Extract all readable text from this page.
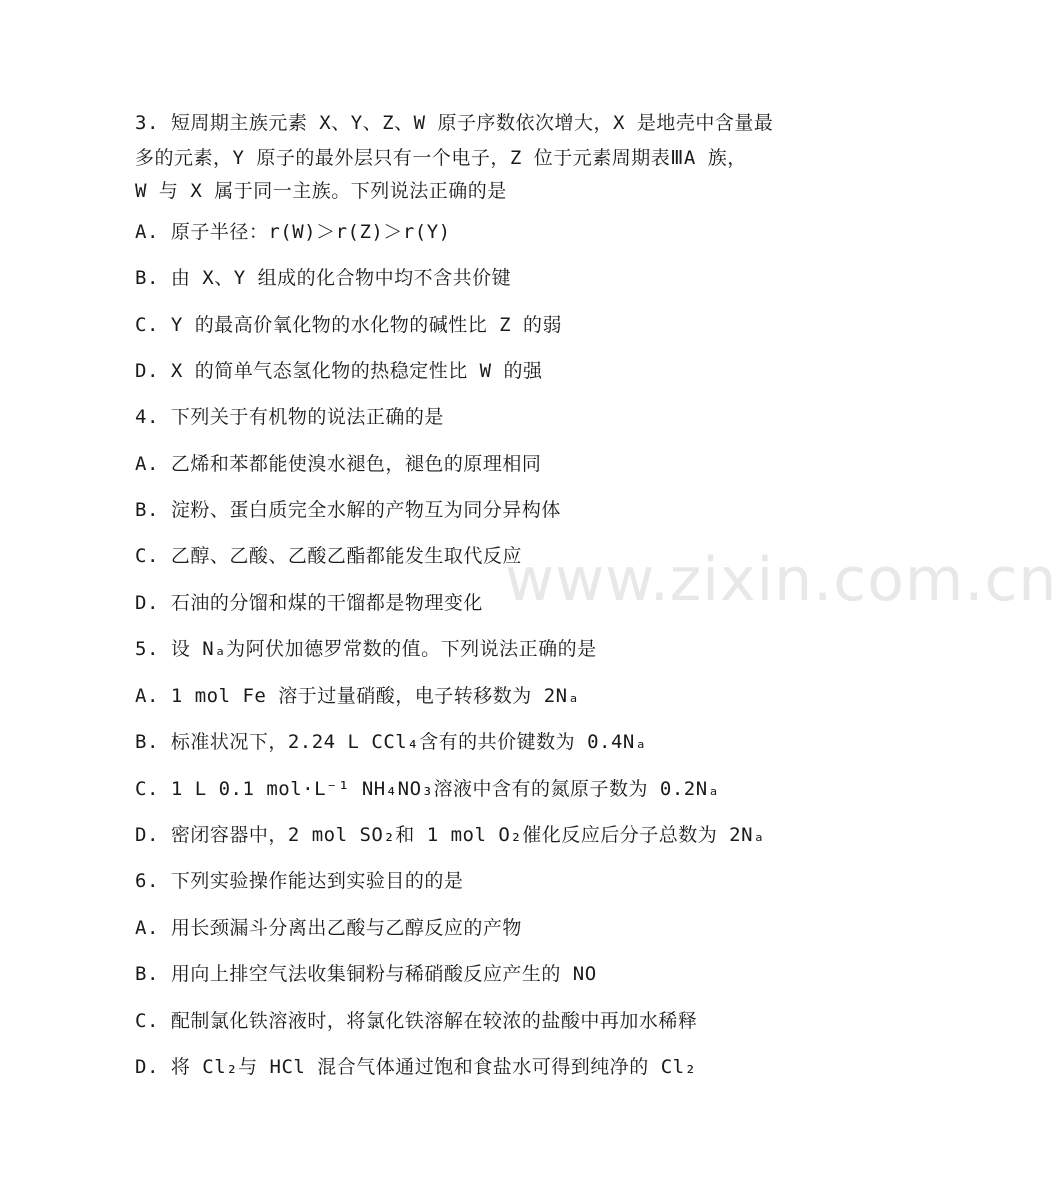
www.zixin.com.cn
3. 短周期主族元素 X、Y、Z、W 原子序数依次增大，X 是地壳中含量最
多的元素，Y 原子的最外层只有一个电子，Z 位于元素周期表ⅢA 族，
W 与 X 属于同一主族。下列说法正确的是
A. 原子半径：r(W)＞r(Z)＞r(Y)
B. 由 X、Y 组成的化合物中均不含共价键
C. Y 的最高价氧化物的水化物的碱性比 Z 的弱
D. X 的简单气态氢化物的热稳定性比 W 的强
4. 下列关于有机物的说法正确的是
A. 乙烯和苯都能使溴水褪色，褪色的原理相同
B. 淀粉、蛋白质完全水解的产物互为同分异构体
C. 乙醇、乙酸、乙酸乙酯都能发生取代反应
D. 石油的分馏和煤的干馏都是物理变化
5. 设 Nₐ为阿伏加德罗常数的值。下列说法正确的是
A. 1 mol Fe 溶于过量硝酸，电子转移数为 2Nₐ
B. 标准状况下，2.24 L CCl₄含有的共价键数为 0.4Nₐ
C. 1 L 0.1 mol·L⁻¹ NH₄NO₃溶液中含有的氮原子数为 0.2Nₐ
D. 密闭容器中，2 mol SO₂和 1 mol O₂催化反应后分子总数为 2Nₐ
6. 下列实验操作能达到实验目的的是
A. 用长颈漏斗分离出乙酸与乙醇反应的产物
B. 用向上排空气法收集铜粉与稀硝酸反应产生的 NO
C. 配制氯化铁溶液时，将氯化铁溶解在较浓的盐酸中再加水稀释
D. 将 Cl₂与 HCl 混合气体通过饱和食盐水可得到纯净的 Cl₂
